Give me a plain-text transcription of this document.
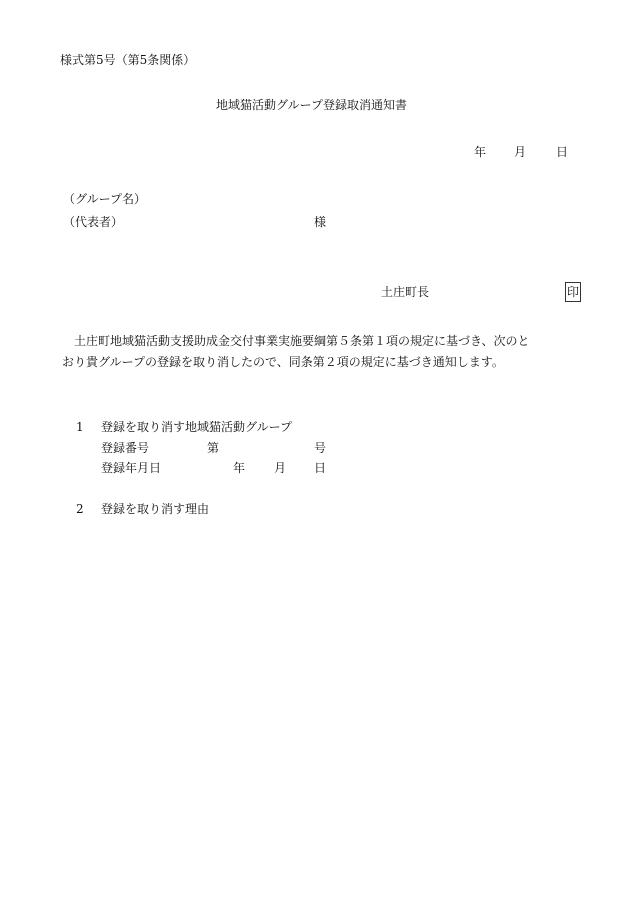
様式第5号（第5条関係）
地域猫活動グループ登録取消通知書
年 月 日
（グループ名）
（代表者）	様
土庄町長	印
土庄町地域猫活動支援助成金交付事業実施要綱第５条第１項の規定に基づき、次のと
おり貴グループの登録を取り消したので、同条第２項の規定に基づき通知します。
1 登録を取り消す地域猫活動グループ
登録番号	第	号
登録年月日	年 月 日
2 登録を取り消す理由
